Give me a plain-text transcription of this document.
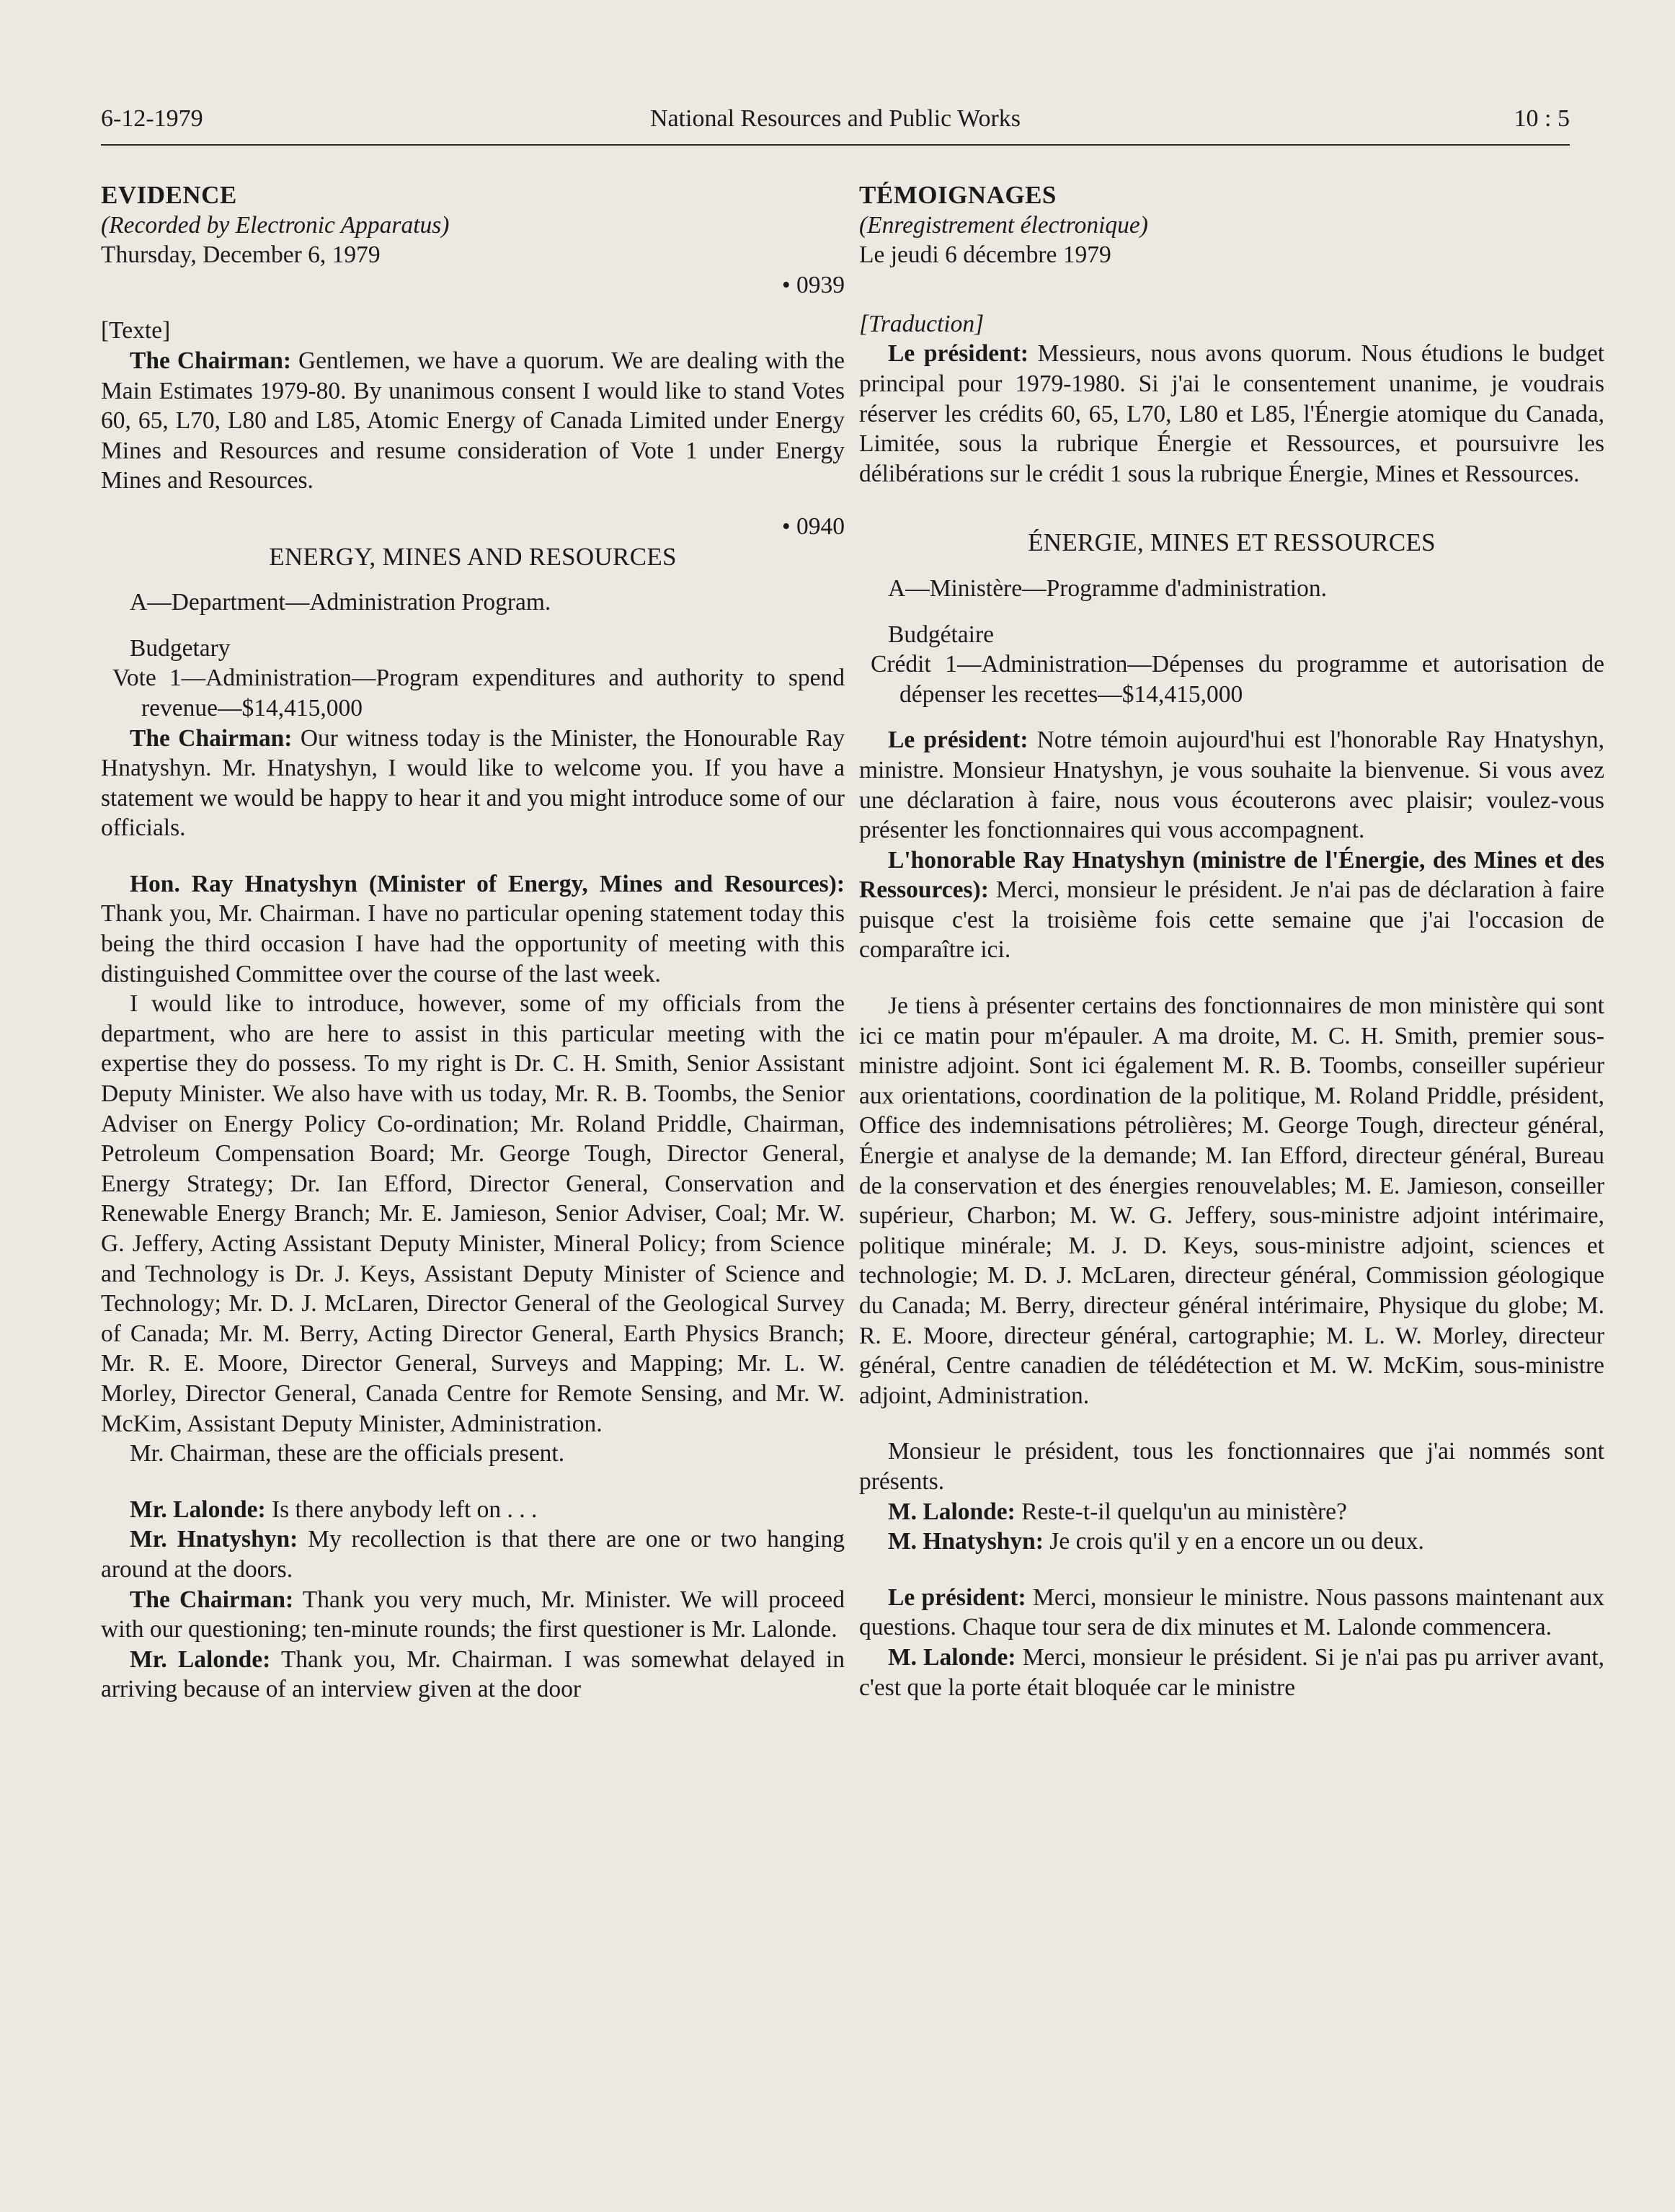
6-12-1979	National Resources and Public Works	10 : 5

EVIDENCE

(Recorded by Electronic Apparatus)

Thursday, December 6, 1979

• 0939

[Texte]

The Chairman: Gentlemen, we have a quorum. We are dealing with the Main Estimates 1979-80. By unanimous consent I would like to stand Votes 60, 65, L70, L80 and L85, Atomic Energy of Canada Limited under Energy Mines and Resources and resume consideration of Vote 1 under Energy Mines and Resources.

• 0940

ENERGY, MINES AND RESOURCES

A—Department—Administration Program.

Budgetary

Vote 1—Administration—Program expenditures and authority to spend revenue—$14,415,000

The Chairman: Our witness today is the Minister, the Honourable Ray Hnatyshyn. Mr. Hnatyshyn, I would like to welcome you. If you have a statement we would be happy to hear it and you might introduce some of our officials.

Hon. Ray Hnatyshyn (Minister of Energy, Mines and Resources): Thank you, Mr. Chairman. I have no particular opening statement today this being the third occasion I have had the opportunity of meeting with this distinguished Committee over the course of the last week.

I would like to introduce, however, some of my officials from the department, who are here to assist in this particular meeting with the expertise they do possess. To my right is Dr. C. H. Smith, Senior Assistant Deputy Minister. We also have with us today, Mr. R. B. Toombs, the Senior Adviser on Energy Policy Co-ordination; Mr. Roland Priddle, Chairman, Petroleum Compensation Board; Mr. George Tough, Director General, Energy Strategy; Dr. Ian Efford, Director General, Conservation and Renewable Energy Branch; Mr. E. Jamieson, Senior Adviser, Coal; Mr. W. G. Jeffery, Acting Assistant Deputy Minister, Mineral Policy; from Science and Technology is Dr. J. Keys, Assistant Deputy Minister of Science and Technology; Mr. D. J. McLaren, Director General of the Geological Survey of Canada; Mr. M. Berry, Acting Director General, Earth Physics Branch; Mr. R. E. Moore, Director General, Surveys and Mapping; Mr. L. W. Morley, Director General, Canada Centre for Remote Sensing, and Mr. W. McKim, Assistant Deputy Minister, Administration.

Mr. Chairman, these are the officials present.

Mr. Lalonde: Is there anybody left on . . .

Mr. Hnatyshyn: My recollection is that there are one or two hanging around at the doors.

The Chairman: Thank you very much, Mr. Minister. We will proceed with our questioning; ten-minute rounds; the first questioner is Mr. Lalonde.

Mr. Lalonde: Thank you, Mr. Chairman. I was somewhat delayed in arriving because of an interview given at the door

TÉMOIGNAGES

(Enregistrement électronique)

Le jeudi 6 décembre 1979

[Traduction]

Le président: Messieurs, nous avons quorum. Nous étudions le budget principal pour 1979-1980. Si j'ai le consentement unanime, je voudrais réserver les crédits 60, 65, L70, L80 et L85, l'Énergie atomique du Canada, Limitée, sous la rubrique Énergie et Ressources, et poursuivre les délibérations sur le crédit 1 sous la rubrique Énergie, Mines et Ressources.

ÉNERGIE, MINES ET RESSOURCES

A—Ministère—Programme d'administration.

Budgétaire

Crédit 1—Administration—Dépenses du programme et autorisation de dépenser les recettes—$14,415,000

Le président: Notre témoin aujourd'hui est l'honorable Ray Hnatyshyn, ministre. Monsieur Hnatyshyn, je vous souhaite la bienvenue. Si vous avez une déclaration à faire, nous vous écouterons avec plaisir; voulez-vous présenter les fonctionnaires qui vous accompagnent.

L'honorable Ray Hnatyshyn (ministre de l'Énergie, des Mines et des Ressources): Merci, monsieur le président. Je n'ai pas de déclaration à faire puisque c'est la troisième fois cette semaine que j'ai l'occasion de comparaître ici.

Je tiens à présenter certains des fonctionnaires de mon ministère qui sont ici ce matin pour m'épauler. A ma droite, M. C. H. Smith, premier sous-ministre adjoint. Sont ici également M. R. B. Toombs, conseiller supérieur aux orientations, coordination de la politique, M. Roland Priddle, président, Office des indemnisations pétrolières; M. George Tough, directeur général, Énergie et analyse de la demande; M. Ian Efford, directeur général, Bureau de la conservation et des énergies renouvelables; M. E. Jamieson, conseiller supérieur, Charbon; M. W. G. Jeffery, sous-ministre adjoint intérimaire, politique minérale; M. J. D. Keys, sous-ministre adjoint, sciences et technologie; M. D. J. McLaren, directeur général, Commission géologique du Canada; M. Berry, directeur général intérimaire, Physique du globe; M. R. E. Moore, directeur général, cartographie; M. L. W. Morley, directeur général, Centre canadien de télédétection et M. W. McKim, sous-ministre adjoint, Administration.

Monsieur le président, tous les fonctionnaires que j'ai nommés sont présents.

M. Lalonde: Reste-t-il quelqu'un au ministère?

M. Hnatyshyn: Je crois qu'il y en a encore un ou deux.

Le président: Merci, monsieur le ministre. Nous passons maintenant aux questions. Chaque tour sera de dix minutes et M. Lalonde commencera.

M. Lalonde: Merci, monsieur le président. Si je n'ai pas pu arriver avant, c'est que la porte était bloquée car le ministre
